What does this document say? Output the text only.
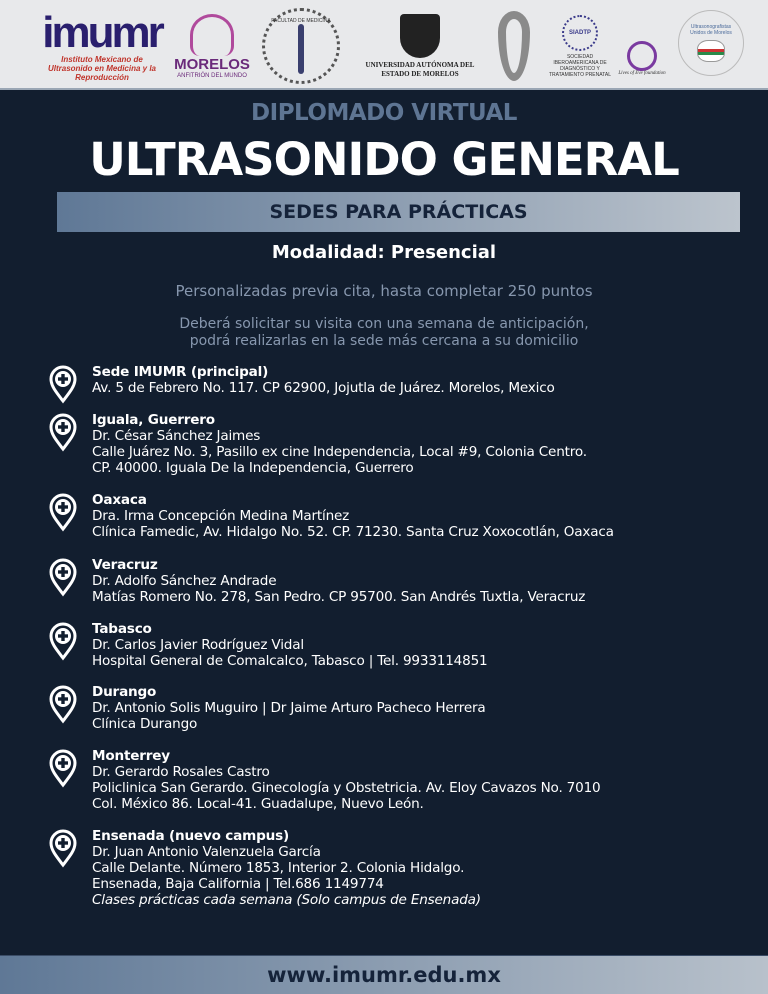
imumr
Instituto Mexicano de Ultrasonido en Medicina y la Reproducción
MORELOS
ANFITRIÓN DEL MUNDO
FACULTAD DE MEDICINA
UNIVERSIDAD AUTÓNOMA DEL ESTADO DE MORELOS
SIADTP
SOCIEDAD IBEROAMERICANA DE DIAGNÓSTICO Y TRATAMIENTO PRENATAL Lives of Eve foundation
Ultrasonografistas Unidos de Morelos
DIPLOMADO VIRTUAL
ULTRASONIDO GENERAL
SEDES PARA PRÁCTICAS
Modalidad: Presencial
Personalizadas previa cita, hasta completar 250 puntos
Deberá solicitar su visita con una semana de anticipación,
podrá realizarlas en la sede más cercana a su domicilio
Sede IMUMR (principal)
Av. 5 de Febrero No. 117. CP 62900, Jojutla de Juárez. Morelos, Mexico
Iguala, Guerrero
Dr. César Sánchez Jaimes
Calle Juárez No. 3, Pasillo ex cine Independencia, Local #9, Colonia Centro.
CP. 40000. Iguala De la Independencia, Guerrero
Oaxaca
Dra. Irma Concepción Medina Martínez
Clínica Famedic, Av. Hidalgo No. 52. CP. 71230. Santa Cruz Xoxocotlán, Oaxaca
Veracruz
Dr. Adolfo Sánchez Andrade
Matías Romero No. 278, San Pedro. CP 95700. San Andrés Tuxtla, Veracruz
Tabasco
Dr. Carlos Javier Rodríguez Vidal
Hospital General de Comalcalco, Tabasco | Tel. 9933114851
Durango
Dr. Antonio Solis Muguiro | Dr Jaime Arturo Pacheco Herrera
Clínica Durango
Monterrey
Dr. Gerardo Rosales Castro
Policlinica San Gerardo. Ginecología y Obstetricia. Av. Eloy Cavazos No. 7010
Col. México 86. Local-41. Guadalupe, Nuevo León.
Ensenada (nuevo campus)
Dr. Juan Antonio Valenzuela García
Calle Delante. Número 1853, Interior 2. Colonia Hidalgo.
Ensenada, Baja California | Tel.686 1149774
Clases prácticas cada semana (Solo campus de Ensenada)
www.imumr.edu.mx
